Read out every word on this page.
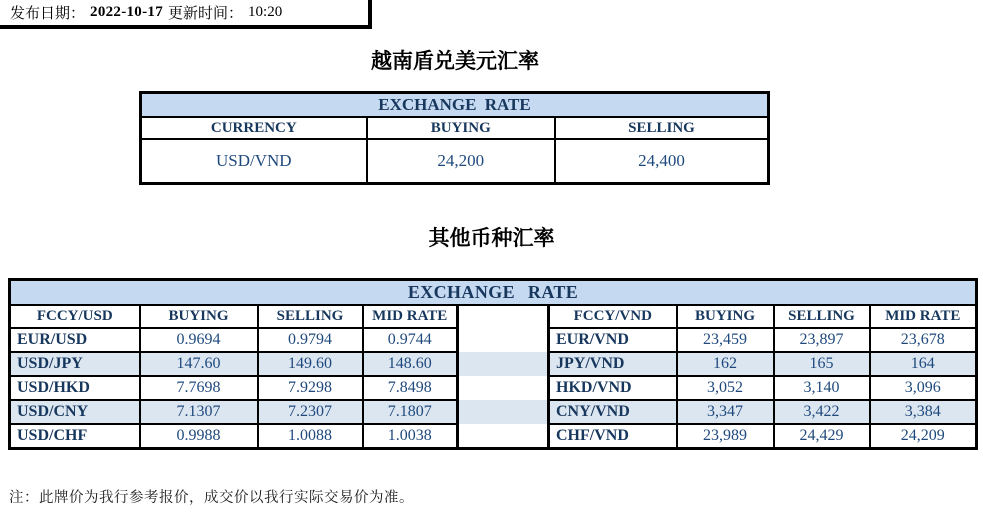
发布日期： 2022-10-17 更新时间： 10:20
越南盾兑美元汇率
EXCHANGE RATE		
CURRENCY	BUYING	SELLING
USD/VND	24,200	24,400
其他币种汇率
EXCHANGE RATE								
FCCY/USD	BUYING	SELLING	MID RATE		FCCY/VND	BUYING	SELLING	MID RATE
EUR/USD	0.9694	0.9794	0.9744		EUR/VND	23,459	23,897	23,678
USD/JPY	147.60	149.60	148.60		JPY/VND	162	165	164
USD/HKD	7.7698	7.9298	7.8498		HKD/VND	3,052	3,140	3,096
USD/CNY	7.1307	7.2307	7.1807		CNY/VND	3,347	3,422	3,384
USD/CHF	0.9988	1.0088	1.0038		CHF/VND	23,989	24,429	24,209
注：此牌价为我行参考报价，成交价以我行实际交易价为准。
